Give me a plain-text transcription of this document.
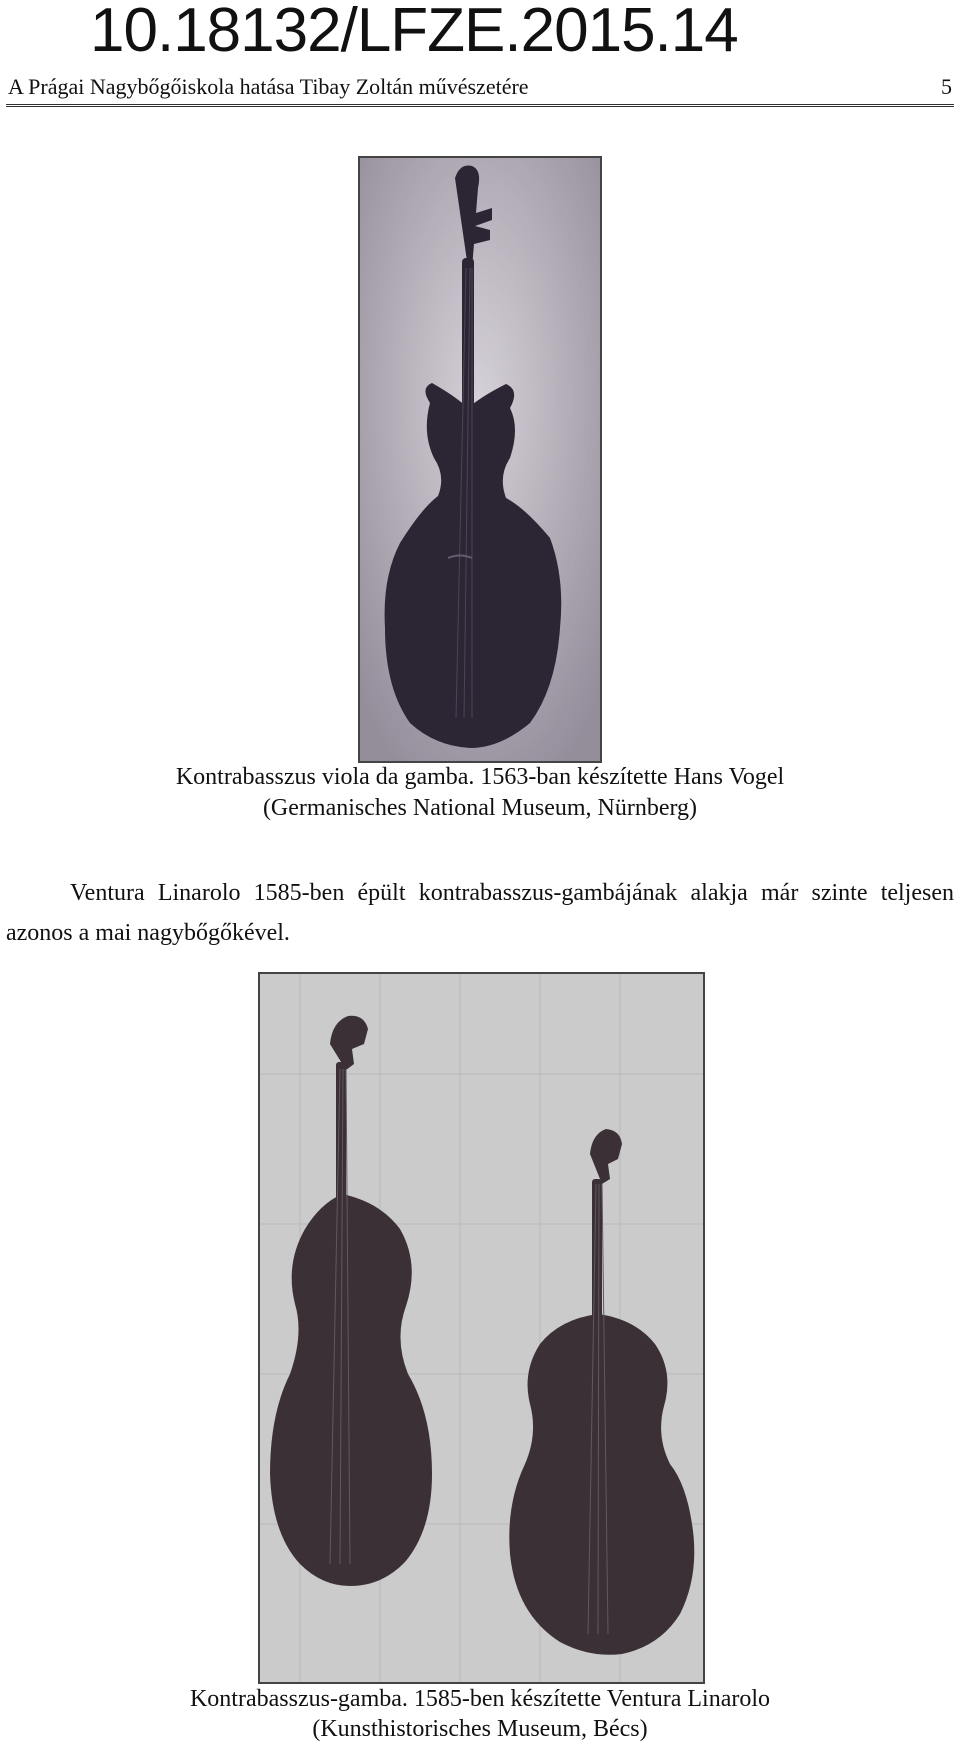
10.18132/LFZE.2015.14
A Prágai Nagybőgőiskola hatása Tibay Zoltán művészetére	5
Kontrabasszus viola da gamba. 1563-ban készítette Hans Vogel
(Germanisches National Museum, Nürnberg)
Ventura Linarolo 1585-ben épült kontrabasszus-gambájának alakja már szinte teljesen azonos a mai nagybőgőkével.
Kontrabasszus-gamba. 1585-ben készítette Ventura Linarolo
(Kunsthistorisches Museum, Bécs)
